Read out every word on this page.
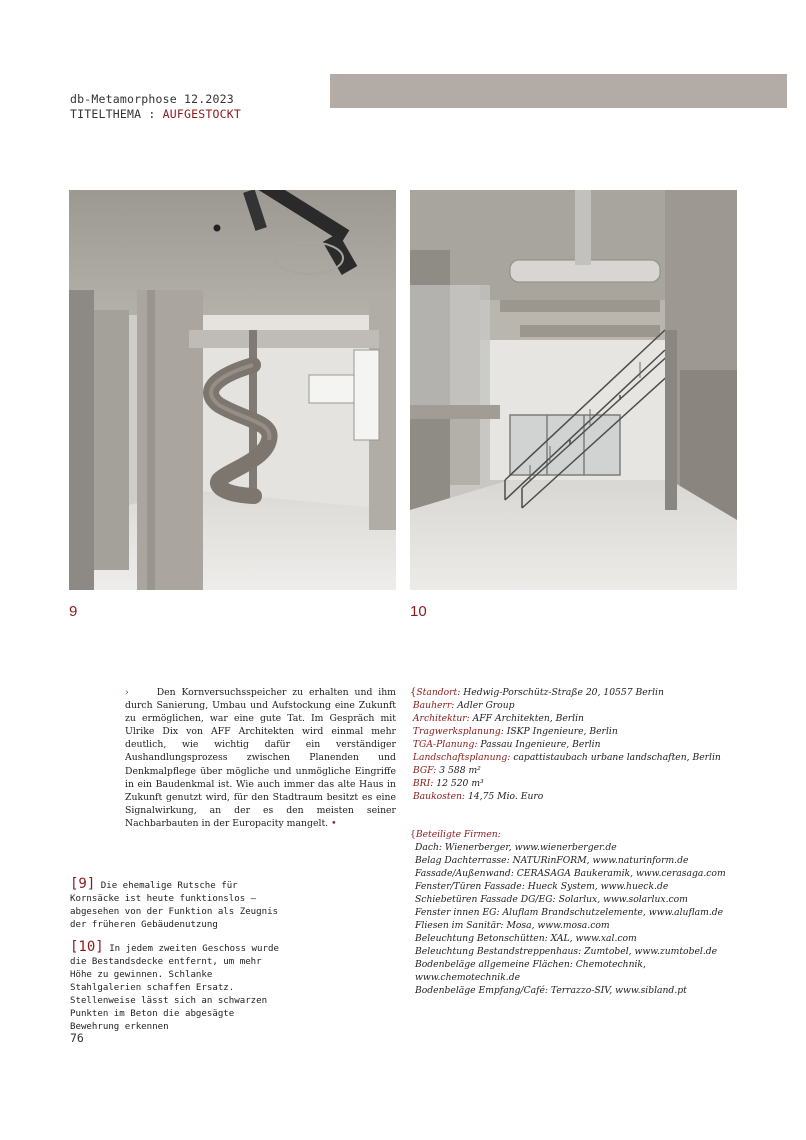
db-Metamorphose 12.2023
TITELTHEMA : AUFGESTOCKT
9	10
›	Den Kornversuchsspeicher zu erhalten und ihm durch Sanierung, Umbau und Aufstockung eine Zukunft zu ermöglichen, war eine gute Tat. Im Gespräch mit Ulrike Dix von AFF Architekten wird einmal mehr deutlich, wie wichtig dafür ein verständiger Aushandlungsprozess zwischen Planenden und Denkmalpflege über mögliche und unmögliche Eingriffe in ein Baudenkmal ist. Wie auch immer das alte Haus in Zukunft genutzt wird, für den Stadtraum besitzt es eine Signalwirkung, an der es den meisten seiner Nachbarbauten in der Europacity mangelt. •
[9] Die ehemalige Rutsche für Kornsäcke ist heute funktionslos – abgesehen von der Funktion als Zeugnis der früheren Gebäudenutzung
[10] In jedem zweiten Geschoss wurde die Bestandsdecke entfernt, um mehr Höhe zu gewinnen. Schlanke Stahlgalerien schaffen Ersatz. Stellenweise lässt sich an schwarzen Punkten im Beton die abgesägte Bewehrung erkennen
{Standort: Hedwig-Porschütz-Straße 20, 10557 Berlin
Bauherr: Adler Group
Architektur: AFF Architekten, Berlin
Tragwerksplanung: ISKP Ingenieure, Berlin
TGA-Planung: Passau Ingenieure, Berlin
Landschaftsplanung: capattistaubach urbane landschaften, Berlin
BGF: 3 588 m²
BRI: 12 520 m³
Baukosten: 14,75 Mio. Euro
{Beteiligte Firmen:
Dach: Wienerberger, www.wienerberger.de
Belag Dachterrasse: NATURinFORM, www.naturinform.de
Fassade/Außenwand: CERASAGA Baukeramik, www.cerasaga.com
Fenster/Türen Fassade: Hueck System, www.hueck.de
Schiebetüren Fassade DG/EG: Solarlux, www.solarlux.com
Fenster innen EG: Aluflam Brandschutzelemente, www.aluflam.de
Fliesen im Sanitär: Mosa, www.mosa.com
Beleuchtung Betonschütten: XAL, www.xal.com
Beleuchtung Bestandstreppenhaus: Zumtobel, www.zumtobel.de
Bodenbeläge allgemeine Flächen: Chemotechnik, www.chemotechnik.de
Bodenbeläge Empfang/Café: Terrazzo-SIV, www.sibland.pt
76
